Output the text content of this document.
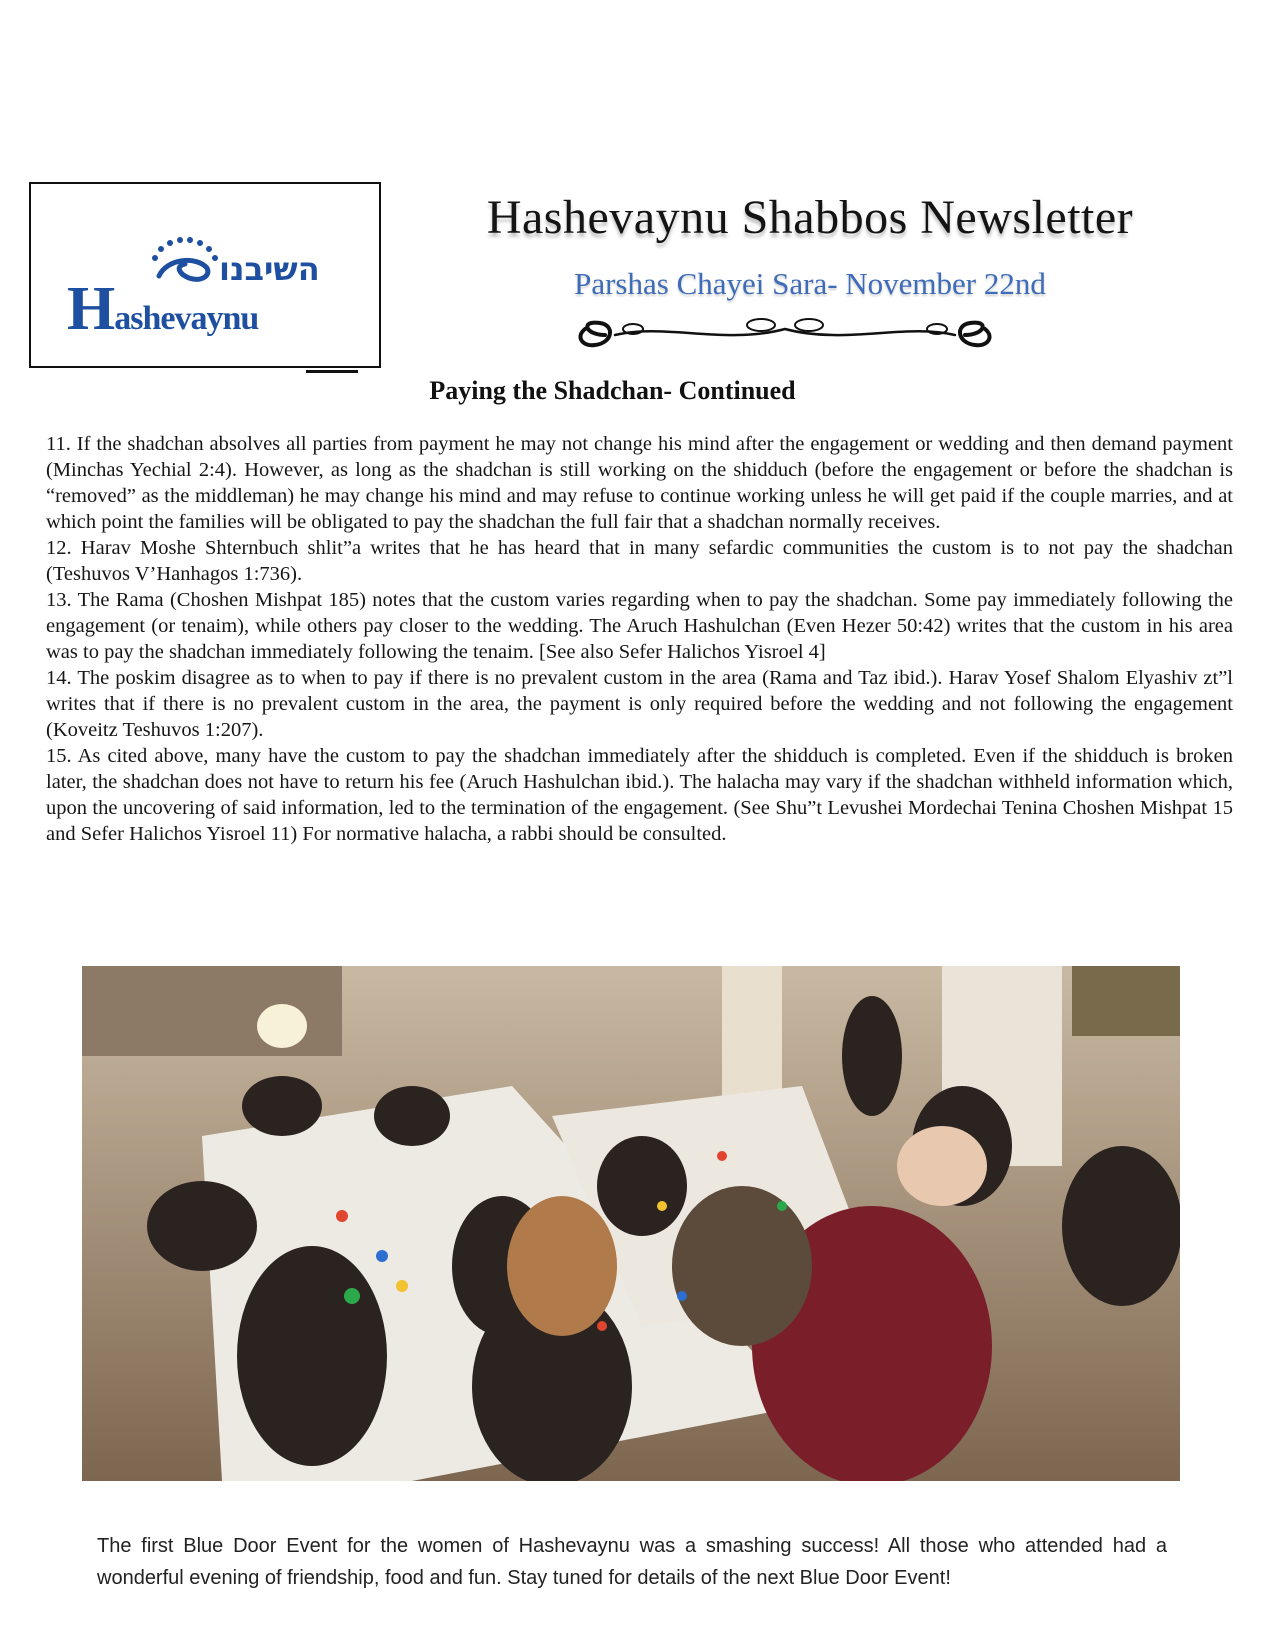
השיבנו
Hashevaynu
Hashevaynu Shabbos Newsletter
Parshas Chayei Sara- November 22nd
Paying the Shadchan- Continued

11. If the shadchan absolves all parties from payment he may not change his mind after the engagement or wedding and then demand payment (Minchas Yechial 2:4). However, as long as the shadchan is still working on the shidduch (before the engagement or before the shadchan is “removed” as the middleman) he may change his mind and may refuse to continue working unless he will get paid if the couple marries, and at which point the families will be obligated to pay the shadchan the full fair that a shadchan normally receives.

12. Harav Moshe Shternbuch shlit”a writes that he has heard that in many sefardic communities the custom is to not pay the shadchan (Teshuvos V’Hanhagos 1:736).

13. The Rama (Choshen Mishpat 185) notes that the custom varies regarding when to pay the shadchan. Some pay immediately following the engagement (or tenaim), while others pay closer to the wedding. The Aruch Hashulchan (Even Hezer 50:42) writes that the custom in his area was to pay the shadchan immediately following the tenaim. [See also Sefer Halichos Yisroel 4]

14. The poskim disagree as to when to pay if there is no prevalent custom in the area (Rama and Taz ibid.). Harav Yosef Shalom Elyashiv zt”l writes that if there is no prevalent custom in the area, the payment is only required before the wedding and not following the engagement (Koveitz Teshuvos 1:207).

15. As cited above, many have the custom to pay the shadchan immediately after the shidduch is completed. Even if the shidduch is broken later, the shadchan does not have to return his fee (Aruch Hashulchan ibid.). The halacha may vary if the shadchan withheld information which, upon the uncovering of said information, led to the termination of the engagement. (See Shu”t Levushei Mordechai Tenina Choshen Mishpat 15 and Sefer Halichos Yisroel 11) For normative halacha, a rabbi should be consulted.

The first Blue Door Event for the women of Hashevaynu was a smashing success! All those who attended had a wonderful evening of friendship, food and fun. Stay tuned for details of the next Blue Door Event!
